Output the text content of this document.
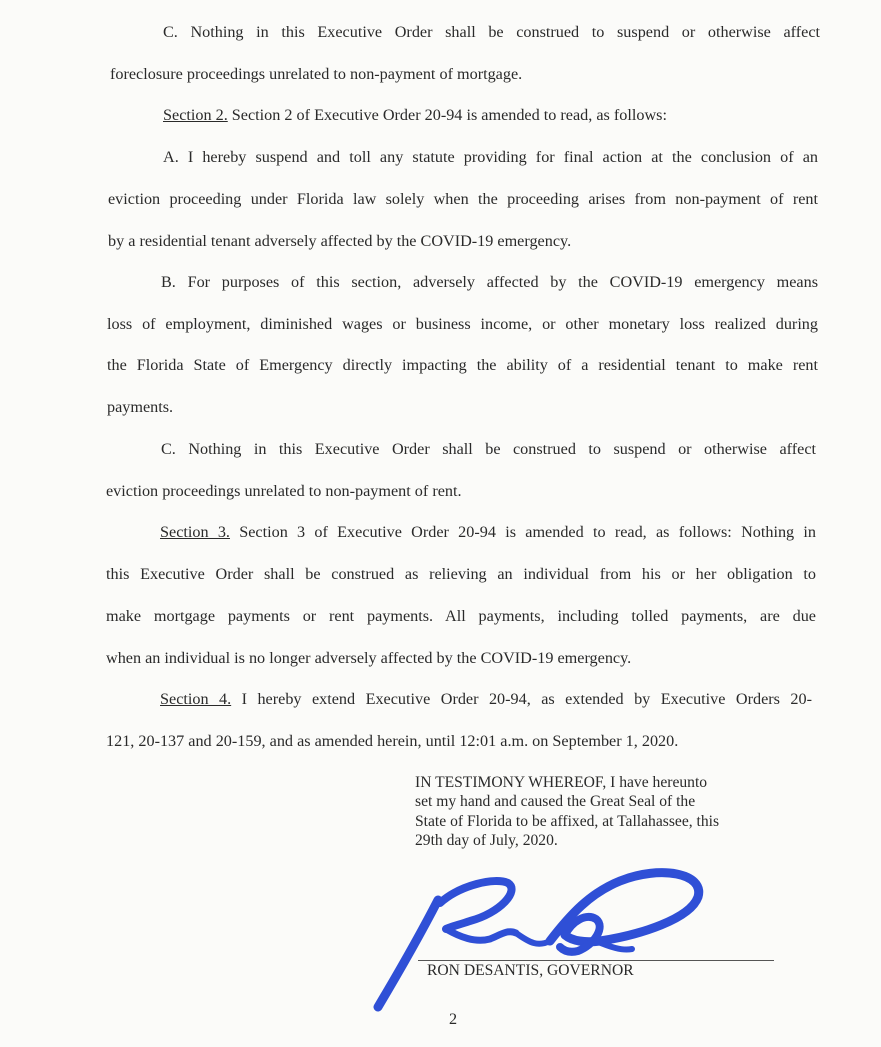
C. Nothing in this Executive Order shall be construed to suspend or otherwise affect
foreclosure proceedings unrelated to non-payment of mortgage.
Section 2. Section 2 of Executive Order 20-94 is amended to read, as follows:
A. I hereby suspend and toll any statute providing for final action at the conclusion of an
eviction proceeding under Florida law solely when the proceeding arises from non-payment of rent
by a residential tenant adversely affected by the COVID-19 emergency.
B. For purposes of this section, adversely affected by the COVID-19 emergency means
loss of employment, diminished wages or business income, or other monetary loss realized during
the Florida State of Emergency directly impacting the ability of a residential tenant to make rent
payments.
C. Nothing in this Executive Order shall be construed to suspend or otherwise affect
eviction proceedings unrelated to non-payment of rent.
Section 3. Section 3 of Executive Order 20-94 is amended to read, as follows: Nothing in
this Executive Order shall be construed as relieving an individual from his or her obligation to
make mortgage payments or rent payments. All payments, including tolled payments, are due
when an individual is no longer adversely affected by the COVID-19 emergency.
Section 4. I hereby extend Executive Order 20-94, as extended by Executive Orders 20-
121, 20-137 and 20-159, and as amended herein, until 12:01 a.m. on September 1, 2020.
IN TESTIMONY WHEREOF, I have hereunto
set my hand and caused the Great Seal of the
State of Florida to be affixed, at Tallahassee, this
29th day of July, 2020.
RON DESANTIS, GOVERNOR
2
